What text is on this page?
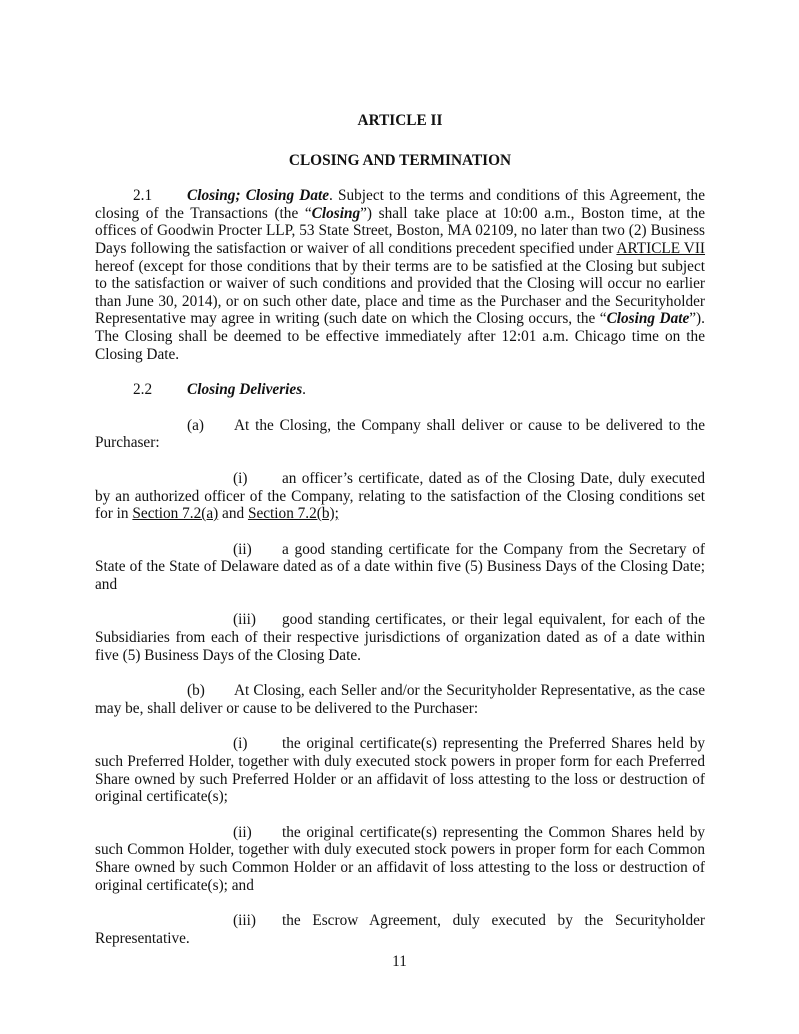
ARTICLE II
CLOSING AND TERMINATION

2.1 Closing; Closing Date. Subject to the terms and conditions of this Agreement, the closing of the Transactions (the “Closing”) shall take place at 10:00 a.m., Boston time, at the offices of Goodwin Procter LLP, 53 State Street, Boston, MA 02109, no later than two (2) Business Days following the satisfaction or waiver of all conditions precedent specified under ARTICLE VII hereof (except for those conditions that by their terms are to be satisfied at the Closing but subject to the satisfaction or waiver of such conditions and provided that the Closing will occur no earlier than June 30, 2014), or on such other date, place and time as the Purchaser and the Securityholder Representative may agree in writing (such date on which the Closing occurs, the “Closing Date”). The Closing shall be deemed to be effective immediately after 12:01 a.m. Chicago time on the Closing Date.

2.2 Closing Deliveries.

(a) At the Closing, the Company shall deliver or cause to be delivered to the Purchaser:

(i) an officer’s certificate, dated as of the Closing Date, duly executed by an authorized officer of the Company, relating to the satisfaction of the Closing conditions set for in Section 7.2(a) and Section 7.2(b);

(ii) a good standing certificate for the Company from the Secretary of State of the State of Delaware dated as of a date within five (5) Business Days of the Closing Date; and

(iii) good standing certificates, or their legal equivalent, for each of the Subsidiaries from each of their respective jurisdictions of organization dated as of a date within five (5) Business Days of the Closing Date.

(b) At Closing, each Seller and/or the Securityholder Representative, as the case may be, shall deliver or cause to be delivered to the Purchaser:

(i) the original certificate(s) representing the Preferred Shares held by such Preferred Holder, together with duly executed stock powers in proper form for each Preferred Share owned by such Preferred Holder or an affidavit of loss attesting to the loss or destruction of original certificate(s);

(ii) the original certificate(s) representing the Common Shares held by such Common Holder, together with duly executed stock powers in proper form for each Common Share owned by such Common Holder or an affidavit of loss attesting to the loss or destruction of original certificate(s); and

(iii) the Escrow Agreement, duly executed by the Securityholder Representative.

11
